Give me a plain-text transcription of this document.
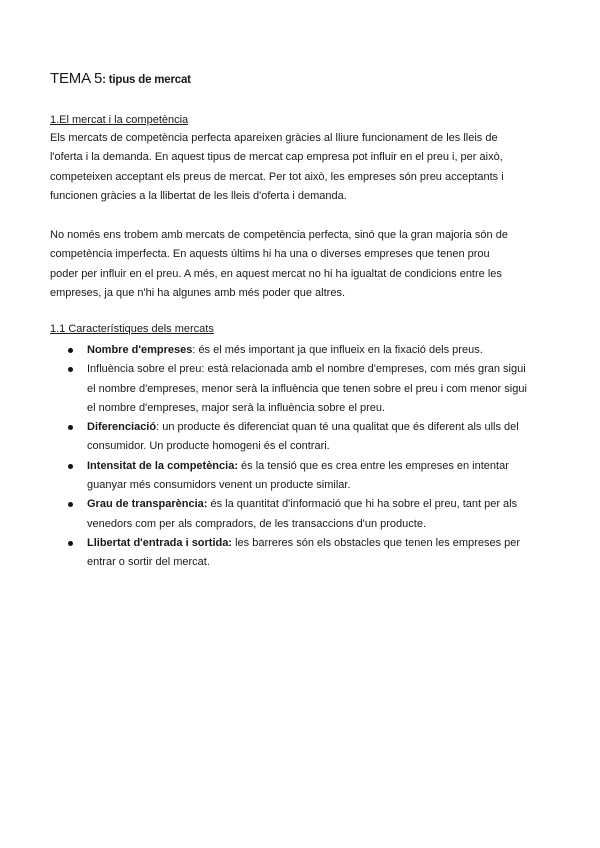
TEMA 5: tipus de mercat
1.El mercat i la competència
Els mercats de competència perfecta apareixen gràcies al lliure funcionament de les lleis de l'oferta i la demanda. En aquest tipus de mercat cap empresa pot influir en el preu i, per això, competeixen acceptant els preus de mercat. Per tot això, les empreses són preu acceptants i funcionen gràcies a la llibertat de les lleis d'oferta i demanda.
No només ens trobem amb mercats de competència perfecta, sinó que la gran majoria són de competència imperfecta. En aquests últims hi ha una o diverses empreses que tenen prou poder per influir en el preu. A més, en aquest mercat no hi ha igualtat de condicions entre les empreses, ja que n'hi ha algunes amb més poder que altres.
1.1 Característiques dels mercats
Nombre d'empreses: és el més important ja que influeix en la fixació dels preus.
Influència sobre el preu: està relacionada amb el nombre d'empreses, com més gran sigui el nombre d'empreses, menor serà la influència que tenen sobre el preu i com menor sigui el nombre d'empreses, major serà la influència sobre el preu.
Diferenciació: un producte és diferenciat quan té una qualitat que és diferent als ulls del consumidor. Un producte homogeni és el contrari.
Intensitat de la competència: és la tensió que es crea entre les empreses en intentar guanyar més consumidors venent un producte similar.
Grau de transparència: és la quantitat d'informació que hi ha sobre el preu, tant per als venedors com per als compradors, de les transaccions d'un producte.
Llibertat d'entrada i sortida: les barreres són els obstacles que tenen les empreses per entrar o sortir del mercat.
